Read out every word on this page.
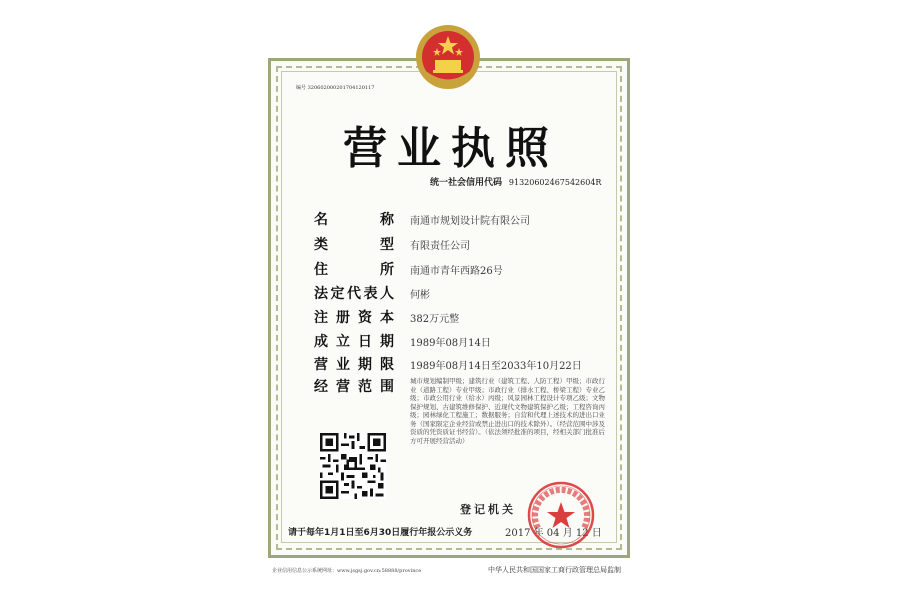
编号 320602000201704120117
营业执照
统一社会信用代码 91320602467542604R
名称 南通市规划设计院有限公司
类型 有限责任公司
住所 南通市青年西路26号
法定代表人 何彬
注册资本 382万元整
成立日期 1989年08月14日
营业期限 1989年08月14日至2033年10月22日
经营范围 城市规划编制甲级；建筑行业（建筑工程、人防工程）甲级；市政行业（道路工程）专业甲级；市政行业（排水工程、桥梁工程）专业乙级；市政公用行业（给水）丙级；风景园林工程设计专项乙级；文物保护规划、古建筑维修保护、近现代文物建筑保护乙级；工程咨询丙级；园林绿化工程施工；数据服务；自营和代理上述技术的进出口业务（国家限定企业经营或禁止进出口的技术除外）。（经营范围中涉及资质的凭资质证书经营）。（依法须经批准的项目，经相关部门批准后方可开展经营活动）
登记机关
请于每年1月1日至6月30日履行年报公示义务	2017 年 04 月 12 日
企业信用信息公示系统网址：www.jsgsj.gov.cn:58888/province	中华人民共和国国家工商行政管理总局监制
